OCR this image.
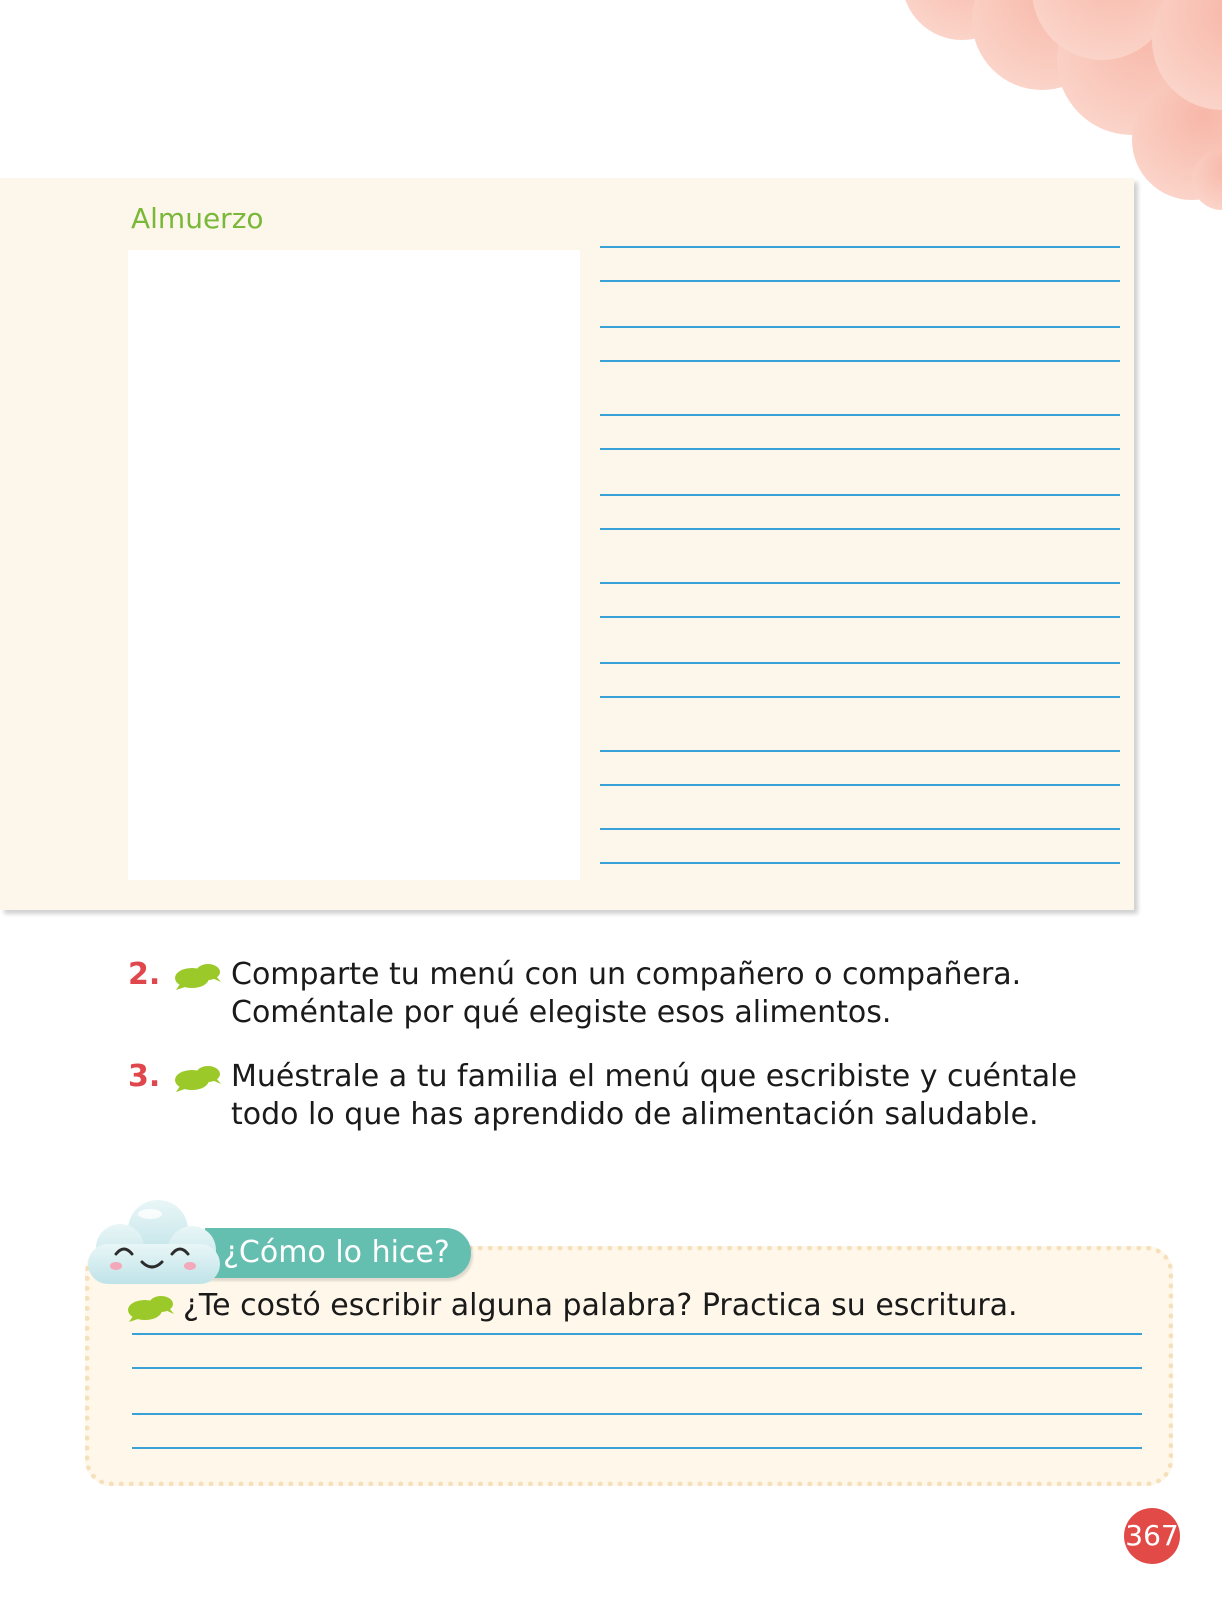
Almuerzo
2. Comparte tu menú con un compañero o compañera.
Coméntale por qué elegiste esos alimentos.
3. Muéstrale a tu familia el menú que escribiste y cuéntale
todo lo que has aprendido de alimentación saludable.
¿Cómo lo hice?
¿Te costó escribir alguna palabra? Practica su escritura.
367
